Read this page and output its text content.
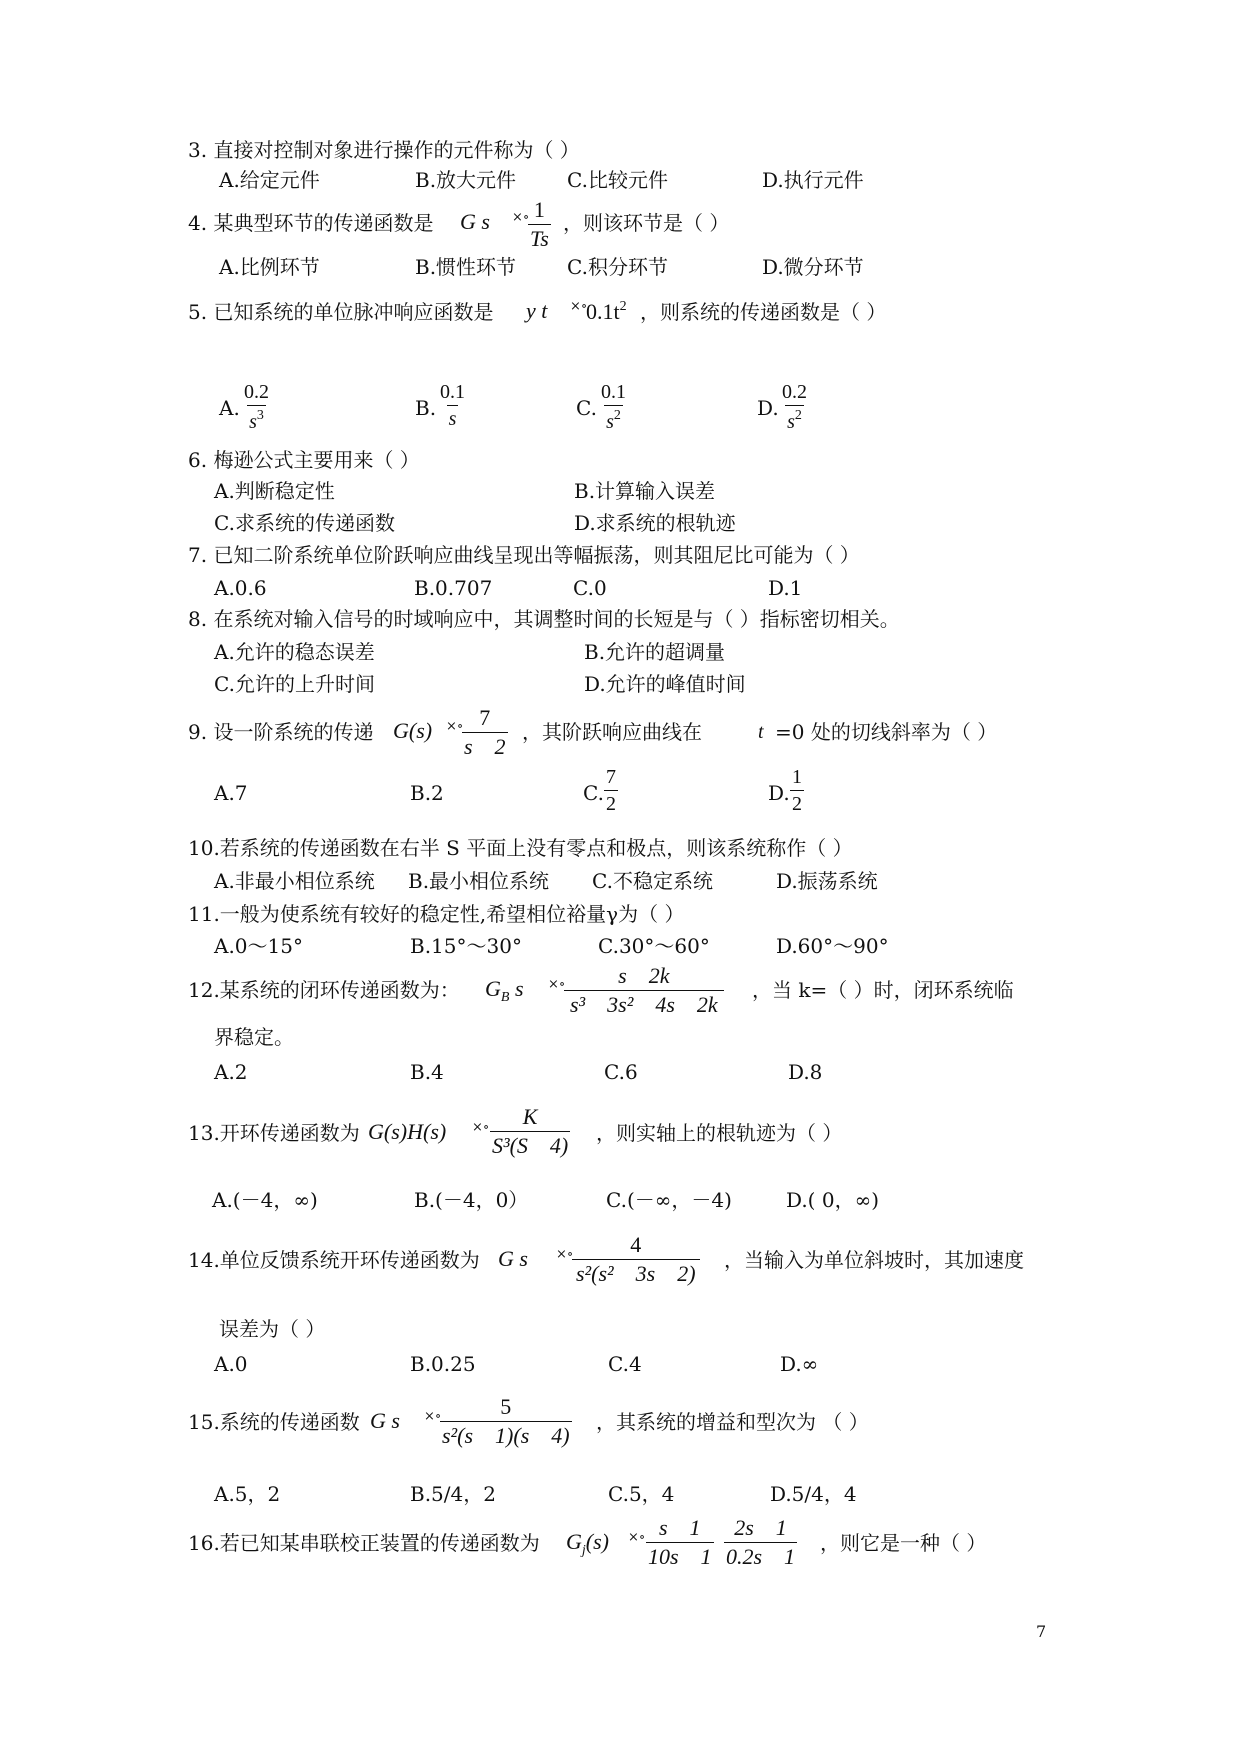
3. 直接对控制对象进行操作的元件称为（ ）
A.给定元件	B.放大元件	C.比较元件	D.执行元件
4. 某典型环节的传递函数是 G s ×∘
$\frac{1}{Ts}$ ，则该环节是（ ）
A.比例环节	B.惯性环节	C.积分环节	D.微分环节
5. 已知系统的单位脉冲响应函数是 y t ×∘
$0.1t^2$ ，则系统的传递函数是（ ）
A. $\frac{0.2}{s^3}$	B. $\frac{0.1}{s}$	C. $\frac{0.1}{s^2}$	D. $\frac{0.2}{s^2}$
6. 梅逊公式主要用来（ ）
A.判断稳定性	B.计算输入误差
C.求系统的传递函数	D.求系统的根轨迹
7. 已知二阶系统单位阶跃响应曲线呈现出等幅振荡，则其阻尼比可能为（ ）
A.0.6	B.0.707	C.0	D.1
8. 在系统对输入信号的时域响应中，其调整时间的长短是与（ ）指标密切相关。
A.允许的稳态误差	B.允许的超调量
C.允许的上升时间	D.允许的峰值时间
9. 设一阶系统的传递 G(s) ×∘
$\frac{7}{s 2}$ ，其阶跃响应曲线在	t =0 处的切线斜率为（ ）
A.7	B.2	C. $\frac{7}{2}$	D. $\frac{1}{2}$
10.若系统的传递函数在右半 S 平面上没有零点和极点，则该系统称作（ ）
A.非最小相位系统 B.最小相位系统 C.不稳定系统	D.振荡系统
11.一般为使系统有较好的稳定性,希望相位裕量γ为（ ）
A.0～15°	B.15°～30°	C.30°～60°	D.60°～90°
12.某系统的闭环传递函数为： $G_B$ s ×∘
$\frac{s 2k}{\text{s³    3s²    4s    2k}}$ ，当 k=（ ）时，闭环系统临
界稳定。
A.2	B.4	C.6	D.8
13.开环传递函数为 G(s)H(s) ×∘ $\frac{K}{\text{S³(S    4)}}$ ，则实轴上的根轨迹为（ ）
A.(－4，∞)	B.(－4，0）	C.(－∞，－4)	D.( 0，∞)
14.单位反馈系统开环传递函数为 G s ×∘
$\frac{4}{\text{s²(s²    3s    2)}}$ ，当输入为单位斜坡时，其加速度
误差为（ ）
A.0	B.0.25	C.4	D.∞
15.系统的传递函数 G s ×∘
$\frac{5}{\text{s²(s    1)(s    4)}}$ ，其系统的增益和型次为 （ ）
A.5，2	B.5/4，2	C.5，4	D.5/4，4
16.若已知某串联校正装置的传递函数为 $G_j(s)$ ×∘ $\frac{s 1}{10s 1} \frac{2s 1}{0.2s 1}$ ，则它是一种（ ）
7
